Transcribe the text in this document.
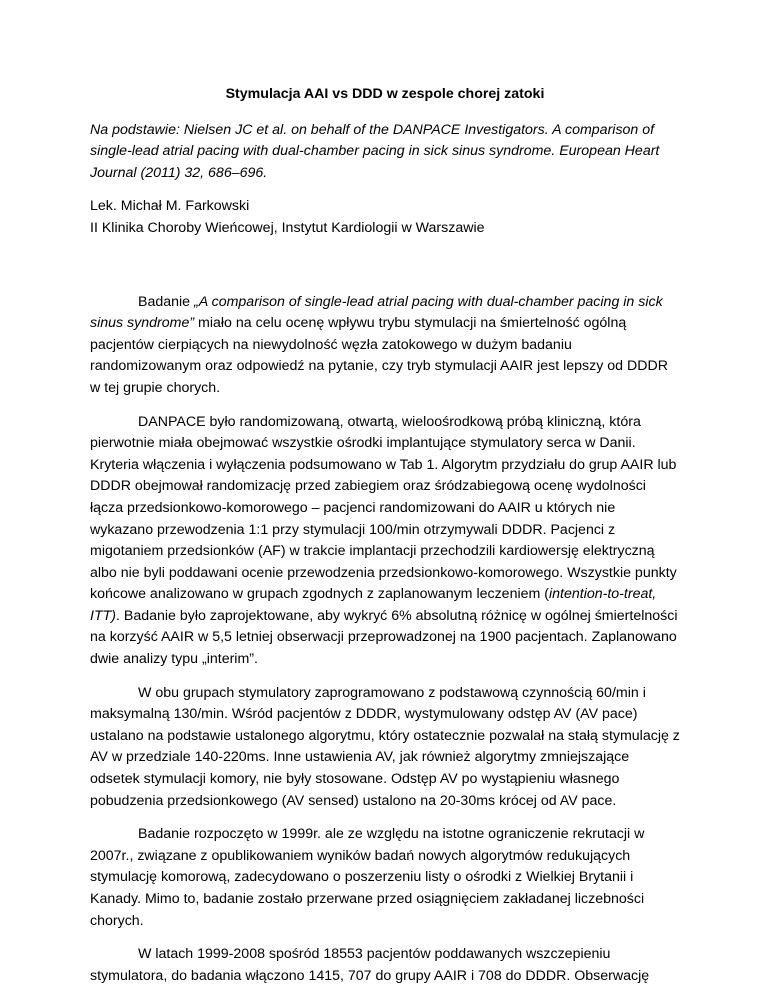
Stymulacja AAI vs DDD w zespole chorej zatoki
Na podstawie: Nielsen JC et al. on behalf of the DANPACE Investigators. A comparison of single-lead atrial pacing with dual-chamber pacing in sick sinus syndrome. European Heart Journal (2011) 32, 686–696.
Lek. Michał M. Farkowski
II Klinika Choroby Wieńcowej, Instytut Kardiologii w Warszawie

Badanie „A comparison of single-lead atrial pacing with dual-chamber pacing in sick sinus syndrome” miało na celu ocenę wpływu trybu stymulacji na śmiertelność ogólną pacjentów cierpiących na niewydolność węzła zatokowego w dużym badaniu randomizowanym oraz odpowiedź na pytanie, czy tryb stymulacji AAIR jest lepszy od DDDR w tej grupie chorych.

DANPACE było randomizowaną, otwartą, wieloośrodkową próbą kliniczną, która pierwotnie miała obejmować wszystkie ośrodki implantujące stymulatory serca w Danii. Kryteria włączenia i wyłączenia podsumowano w Tab 1. Algorytm przydziału do grup AAIR lub DDDR obejmował randomizację przed zabiegiem oraz śródzabiegową ocenę wydolności łącza przedsionkowo-komorowego – pacjenci randomizowani do AAIR u których nie wykazano przewodzenia 1:1 przy stymulacji 100/min otrzymywali DDDR. Pacjenci z migotaniem przedsionków (AF) w trakcie implantacji przechodzili kardiowersję elektryczną albo nie byli poddawani ocenie przewodzenia przedsionkowo-komorowego. Wszystkie punkty końcowe analizowano w grupach zgodnych z zaplanowanym leczeniem (intention-to-treat, ITT). Badanie było zaprojektowane, aby wykryć 6% absolutną różnicę w ogólnej śmiertelności na korzyść AAIR w 5,5 letniej obserwacji przeprowadzonej na 1900 pacjentach. Zaplanowano dwie analizy typu „interim”.

W obu grupach stymulatory zaprogramowano z podstawową czynnością 60/min i maksymalną 130/min. Wśród pacjentów z DDDR, wystymulowany odstęp AV (AV pace) ustalano na podstawie ustalonego algorytmu, który ostatecznie pozwalał na stałą stymulację z AV w przedziale 140-220ms. Inne ustawienia AV, jak również algorytmy zmniejszające odsetek stymulacji komory, nie były stosowane. Odstęp AV po wystąpieniu własnego pobudzenia przedsionkowego (AV sensed) ustalono na 20-30ms krócej od AV pace.

Badanie rozpoczęto w 1999r. ale ze względu na istotne ograniczenie rekrutacji w 2007r., związane z opublikowaniem wyników badań nowych algorytmów redukujących stymulację komorową, zadecydowano o poszerzeniu listy o ośrodki z Wielkiej Brytanii i Kanady. Mimo to, badanie zostało przerwane przed osiągnięciem zakładanej liczebności chorych.

W latach 1999-2008 spośród 18553 pacjentów poddawanych wszczepieniu stymulatora, do badania włączono 1415, 707 do grupy AAIR i 708 do DDDR. Obserwację
